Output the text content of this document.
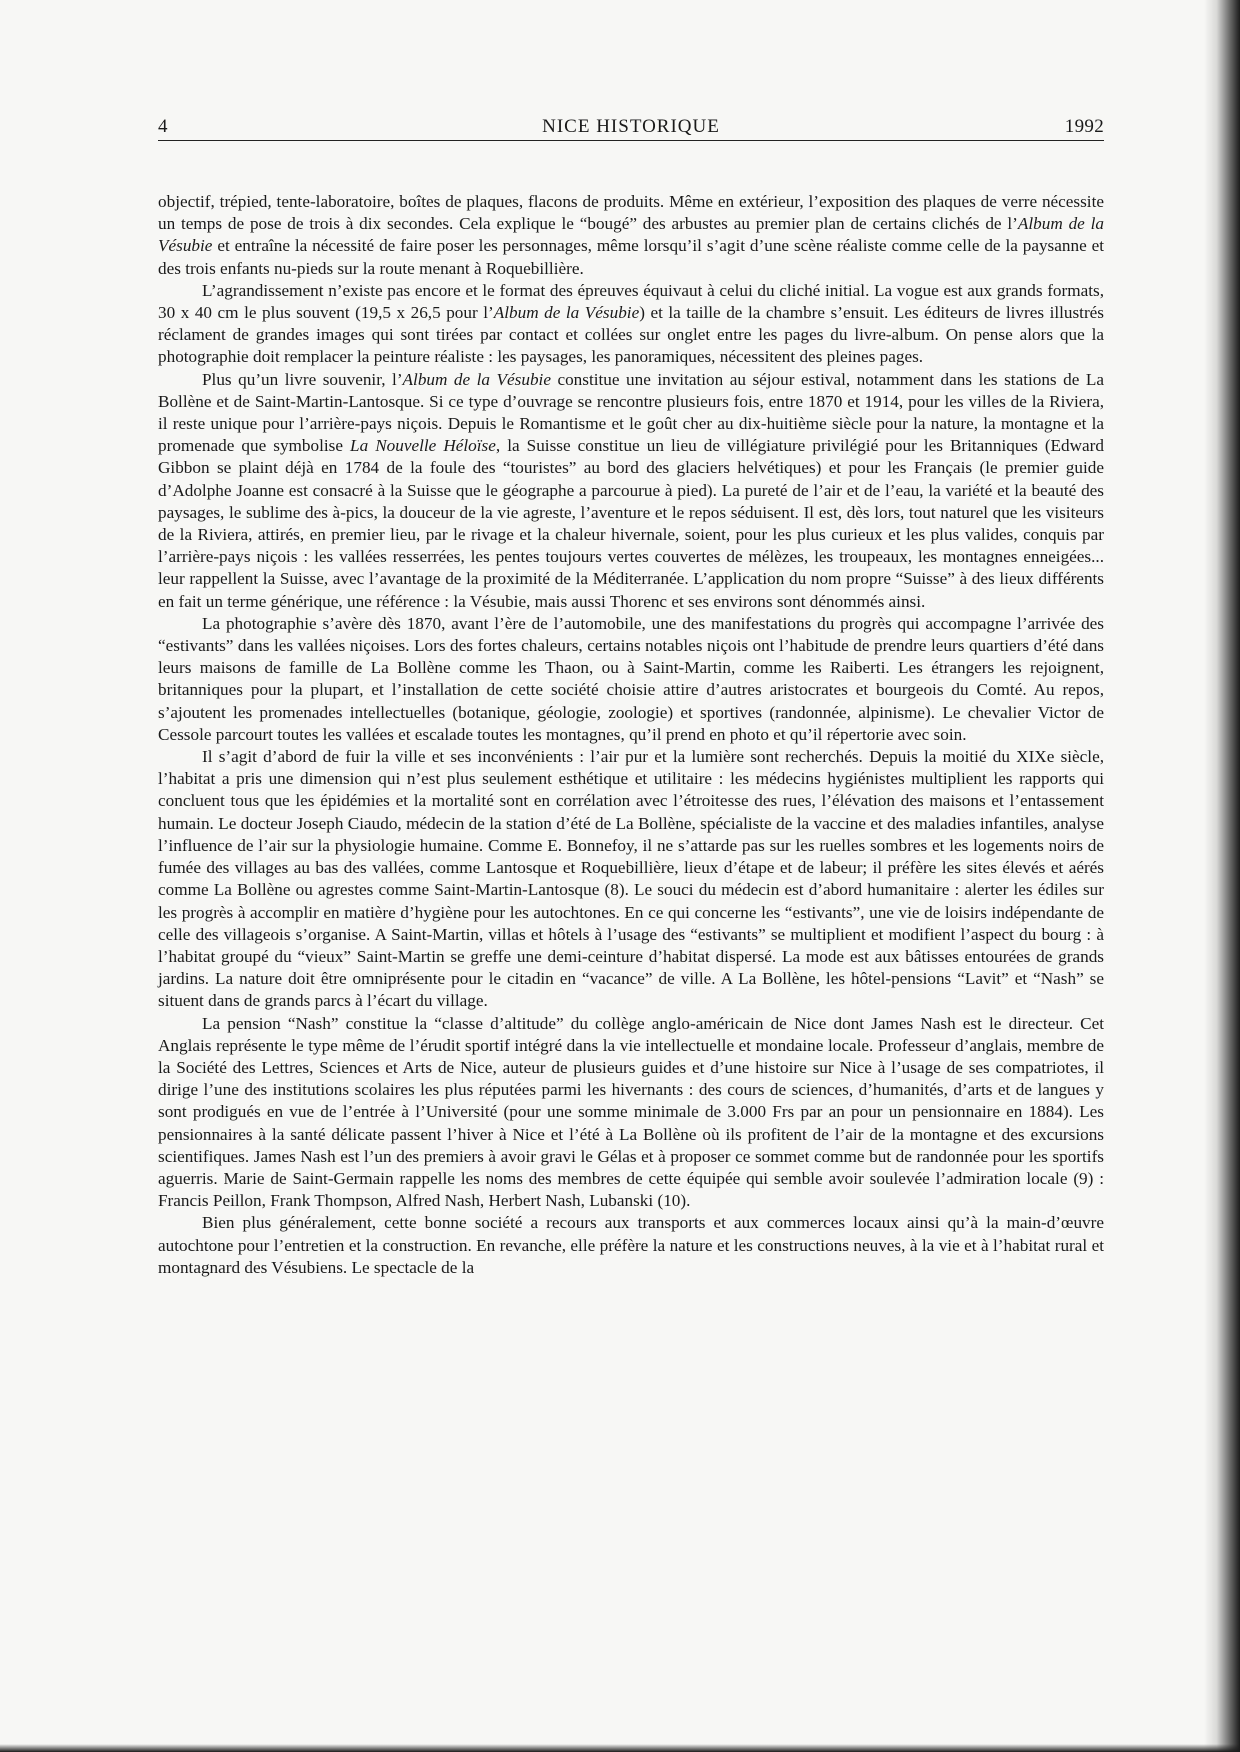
4	NICE HISTORIQUE	1992

objectif, trépied, tente-laboratoire, boîtes de plaques, flacons de produits. Même en extérieur, l’exposition des plaques de verre nécessite un temps de pose de trois à dix secondes. Cela explique le “bougé” des arbustes au premier plan de certains clichés de l’Album de la Vésubie et entraîne la nécessité de faire poser les personnages, même lorsqu’il s’agit d’une scène réaliste comme celle de la paysanne et des trois enfants nu-pieds sur la route menant à Roquebillière.

L’agrandissement n’existe pas encore et le format des épreuves équivaut à celui du cliché initial. La vogue est aux grands formats, 30 x 40 cm le plus souvent (19,5 x 26,5 pour l’Album de la Vésubie) et la taille de la chambre s’ensuit. Les éditeurs de livres illustrés réclament de grandes images qui sont tirées par contact et collées sur onglet entre les pages du livre-album. On pense alors que la photographie doit remplacer la peinture réaliste : les paysages, les panoramiques, nécessitent des pleines pages.

Plus qu’un livre souvenir, l’Album de la Vésubie constitue une invitation au séjour estival, notamment dans les stations de La Bollène et de Saint-Martin-Lantosque. Si ce type d’ouvrage se rencontre plusieurs fois, entre 1870 et 1914, pour les villes de la Riviera, il reste unique pour l’arrière-pays niçois. Depuis le Romantisme et le goût cher au dix-huitième siècle pour la nature, la montagne et la promenade que symbolise La Nouvelle Héloïse, la Suisse constitue un lieu de villégiature privilégié pour les Britanniques (Edward Gibbon se plaint déjà en 1784 de la foule des “touristes” au bord des glaciers helvétiques) et pour les Français (le premier guide d’Adolphe Joanne est consacré à la Suisse que le géographe a parcourue à pied). La pureté de l’air et de l’eau, la variété et la beauté des paysages, le sublime des à-pics, la douceur de la vie agreste, l’aventure et le repos séduisent. Il est, dès lors, tout naturel que les visiteurs de la Riviera, attirés, en premier lieu, par le rivage et la chaleur hivernale, soient, pour les plus curieux et les plus valides, conquis par l’arrière-pays niçois : les vallées resserrées, les pentes toujours vertes couvertes de mélèzes, les troupeaux, les montagnes enneigées... leur rappellent la Suisse, avec l’avantage de la proximité de la Méditerranée. L’application du nom propre “Suisse” à des lieux différents en fait un terme générique, une référence : la Vésubie, mais aussi Thorenc et ses environs sont dénommés ainsi.

La photographie s’avère dès 1870, avant l’ère de l’automobile, une des manifestations du progrès qui accompagne l’arrivée des “estivants” dans les vallées niçoises. Lors des fortes chaleurs, certains notables niçois ont l’habitude de prendre leurs quartiers d’été dans leurs maisons de famille de La Bollène comme les Thaon, ou à Saint-Martin, comme les Raiberti. Les étrangers les rejoignent, britanniques pour la plupart, et l’installation de cette société choisie attire d’autres aristocrates et bourgeois du Comté. Au repos, s’ajoutent les promenades intellectuelles (botanique, géologie, zoologie) et sportives (randonnée, alpinisme). Le chevalier Victor de Cessole parcourt toutes les vallées et escalade toutes les montagnes, qu’il prend en photo et qu’il répertorie avec soin.

Il s’agit d’abord de fuir la ville et ses inconvénients : l’air pur et la lumière sont recherchés. Depuis la moitié du XIXe siècle, l’habitat a pris une dimension qui n’est plus seulement esthétique et utilitaire : les médecins hygiénistes multiplient les rapports qui concluent tous que les épidémies et la mortalité sont en corrélation avec l’étroitesse des rues, l’élévation des maisons et l’entassement humain. Le docteur Joseph Ciaudo, médecin de la station d’été de La Bollène, spécialiste de la vaccine et des maladies infantiles, analyse l’influence de l’air sur la physiologie humaine. Comme E. Bonnefoy, il ne s’attarde pas sur les ruelles sombres et les logements noirs de fumée des villages au bas des vallées, comme Lantosque et Roquebillière, lieux d’étape et de labeur; il préfère les sites élevés et aérés comme La Bollène ou agrestes comme Saint-Martin-Lantosque (8). Le souci du médecin est d’abord humanitaire : alerter les édiles sur les progrès à accomplir en matière d’hygiène pour les autochtones. En ce qui concerne les “estivants”, une vie de loisirs indépendante de celle des villageois s’organise. A Saint-Martin, villas et hôtels à l’usage des “estivants” se multiplient et modifient l’aspect du bourg : à l’habitat groupé du “vieux” Saint-Martin se greffe une demi-ceinture d’habitat dispersé. La mode est aux bâtisses entourées de grands jardins. La nature doit être omniprésente pour le citadin en “vacance” de ville. A La Bollène, les hôtel-pensions “Lavit” et “Nash” se situent dans de grands parcs à l’écart du village.

La pension “Nash” constitue la “classe d’altitude” du collège anglo-américain de Nice dont James Nash est le directeur. Cet Anglais représente le type même de l’érudit sportif intégré dans la vie intellectuelle et mondaine locale. Professeur d’anglais, membre de la Société des Lettres, Sciences et Arts de Nice, auteur de plusieurs guides et d’une histoire sur Nice à l’usage de ses compatriotes, il dirige l’une des institutions scolaires les plus réputées parmi les hivernants : des cours de sciences, d’humanités, d’arts et de langues y sont prodigués en vue de l’entrée à l’Université (pour une somme minimale de 3.000 Frs par an pour un pensionnaire en 1884). Les pensionnaires à la santé délicate passent l’hiver à Nice et l’été à La Bollène où ils profitent de l’air de la montagne et des excursions scientifiques. James Nash est l’un des premiers à avoir gravi le Gélas et à proposer ce sommet comme but de randonnée pour les sportifs aguerris. Marie de Saint-Germain rappelle les noms des membres de cette équipée qui semble avoir soulevée l’admiration locale (9) : Francis Peillon, Frank Thompson, Alfred Nash, Herbert Nash, Lubanski (10).

Bien plus généralement, cette bonne société a recours aux transports et aux commerces locaux ainsi qu’à la main-d’œuvre autochtone pour l’entretien et la construction. En revanche, elle préfère la nature et les constructions neuves, à la vie et à l’habitat rural et montagnard des Vésubiens. Le spectacle de la
